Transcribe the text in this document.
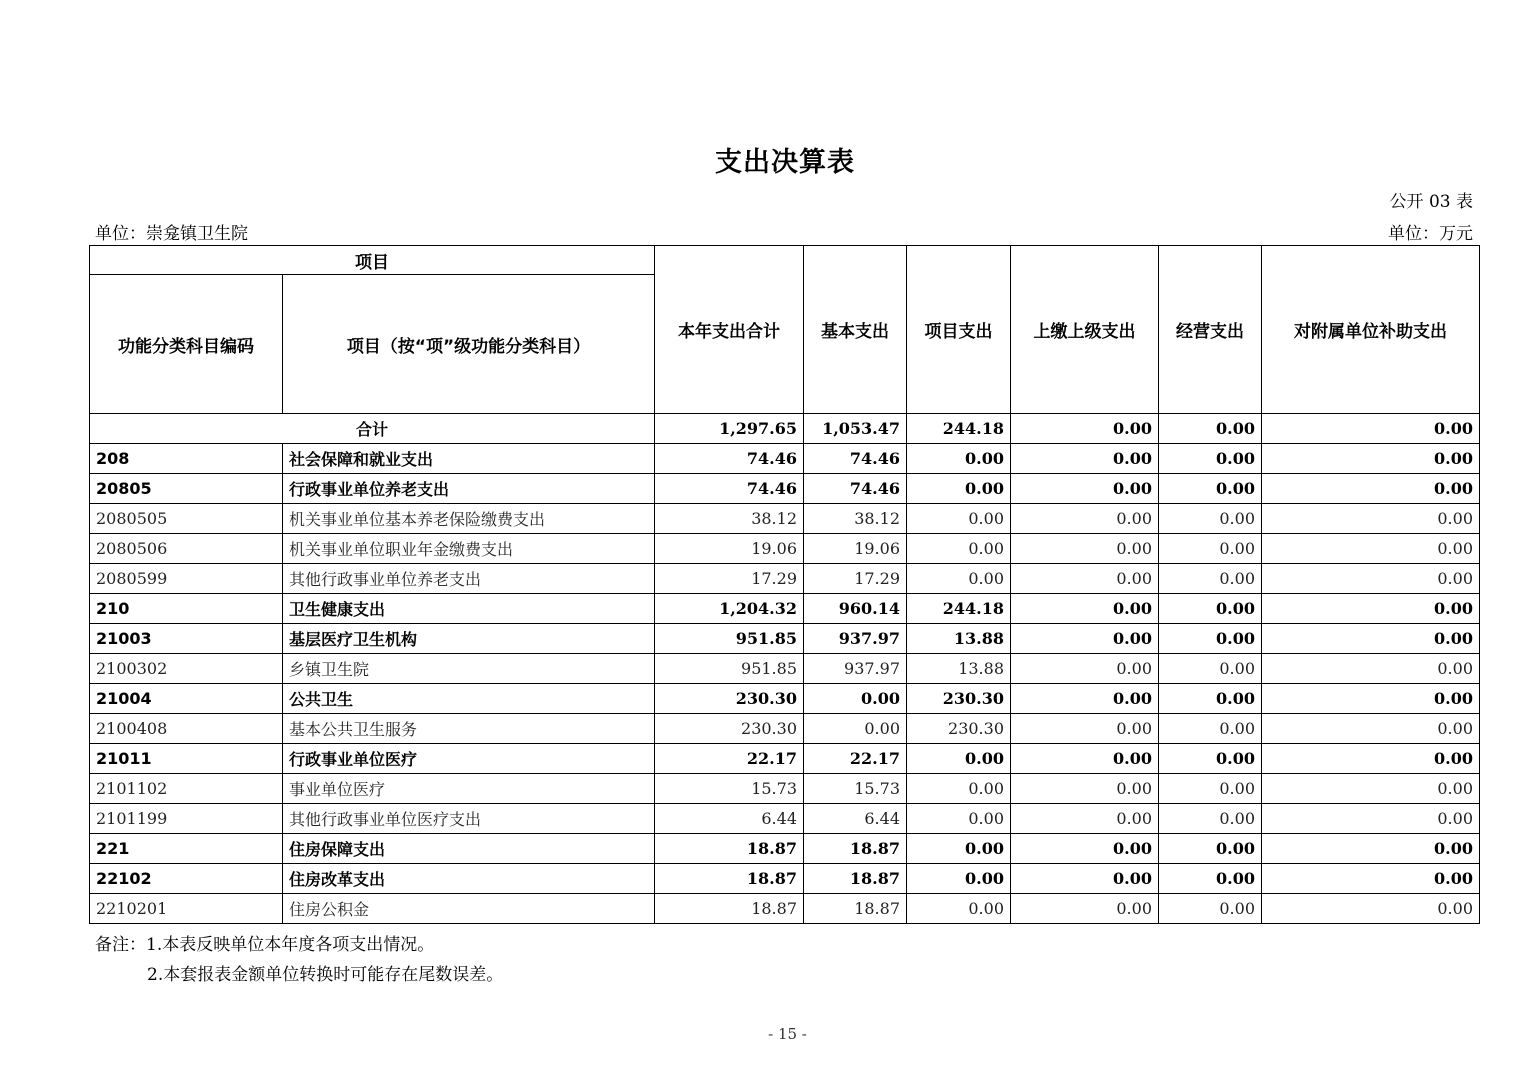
支出决算表
公开 03 表
单位：崇龛镇卫生院	单位：万元
项目		本年支出合计	基本支出	项目支出	上缴上级支出	经营支出	对附属单位补助支出
功能分类科目编码	项目（按“项”级功能分类科目）						
合计		1,297.65	1,053.47	244.18	0.00	0.00	0.00
208	社会保障和就业支出	74.46	74.46	0.00	0.00	0.00	0.00
20805	行政事业单位养老支出	74.46	74.46	0.00	0.00	0.00	0.00
2080505	机关事业单位基本养老保险缴费支出	38.12	38.12	0.00	0.00	0.00	0.00
2080506	机关事业单位职业年金缴费支出	19.06	19.06	0.00	0.00	0.00	0.00
2080599	其他行政事业单位养老支出	17.29	17.29	0.00	0.00	0.00	0.00
210	卫生健康支出	1,204.32	960.14	244.18	0.00	0.00	0.00
21003	基层医疗卫生机构	951.85	937.97	13.88	0.00	0.00	0.00
2100302	乡镇卫生院	951.85	937.97	13.88	0.00	0.00	0.00
21004	公共卫生	230.30	0.00	230.30	0.00	0.00	0.00
2100408	基本公共卫生服务	230.30	0.00	230.30	0.00	0.00	0.00
21011	行政事业单位医疗	22.17	22.17	0.00	0.00	0.00	0.00
2101102	事业单位医疗	15.73	15.73	0.00	0.00	0.00	0.00
2101199	其他行政事业单位医疗支出	6.44	6.44	0.00	0.00	0.00	0.00
221	住房保障支出	18.87	18.87	0.00	0.00	0.00	0.00
22102	住房改革支出	18.87	18.87	0.00	0.00	0.00	0.00
2210201	住房公积金	18.87	18.87	0.00	0.00	0.00	0.00
备注：1.本表反映单位本年度各项支出情况。
2.本套报表金额单位转换时可能存在尾数误差。
- 15 -
